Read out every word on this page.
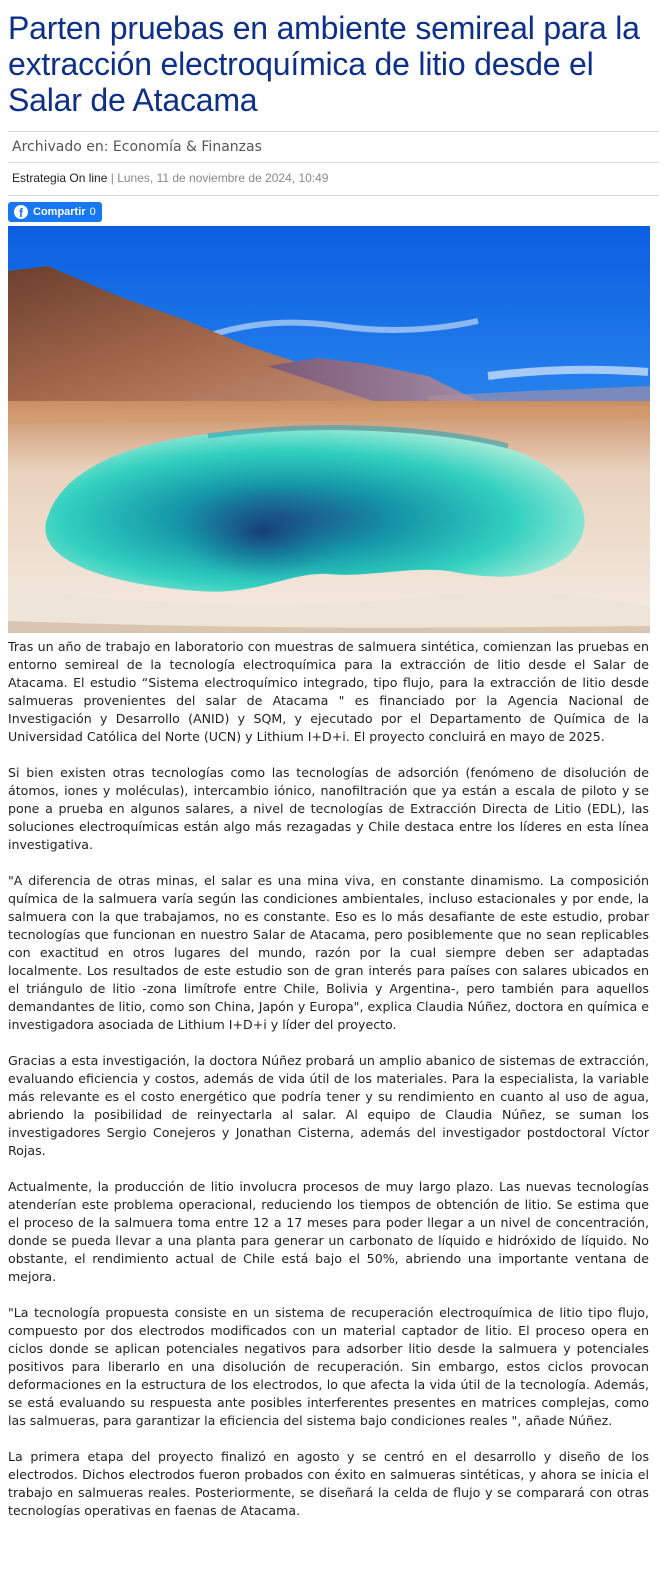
Parten pruebas en ambiente semireal para la extracción electroquímica de litio desde el Salar de Atacama
Archivado en: Economía & Finanzas
Estrategia On line | Lunes, 11 de noviembre de 2024, 10:49
f Compartir 0

Tras un año de trabajo en laboratorio con muestras de salmuera sintética, comienzan las pruebas en entorno semireal de la tecnología electroquímica para la extracción de litio desde el Salar de Atacama. El estudio “Sistema electroquímico integrado, tipo flujo, para la extracción de litio desde salmueras provenientes del salar de Atacama " es financiado por la Agencia Nacional de Investigación y Desarrollo (ANID) y SQM, y ejecutado por el Departamento de Química de la Universidad Católica del Norte (UCN) y Lithium I+D+i. El proyecto concluirá en mayo de 2025.

Si bien existen otras tecnologías como las tecnologías de adsorción (fenómeno de disolución de átomos, iones y moléculas), intercambio iónico, nanofiltración que ya están a escala de piloto y se pone a prueba en algunos salares, a nivel de tecnologías de Extracción Directa de Litio (EDL), las soluciones electroquímicas están algo más rezagadas y Chile destaca entre los líderes en esta línea investigativa.

"A diferencia de otras minas, el salar es una mina viva, en constante dinamismo. La composición química de la salmuera varía según las condiciones ambientales, incluso estacionales y por ende, la salmuera con la que trabajamos, no es constante. Eso es lo más desafiante de este estudio, probar tecnologías que funcionan en nuestro Salar de Atacama, pero posiblemente que no sean replicables con exactitud en otros lugares del mundo, razón por la cual siempre deben ser adaptadas localmente. Los resultados de este estudio son de gran interés para países con salares ubicados en el triángulo de litio -zona limítrofe entre Chile, Bolivia y Argentina-, pero también para aquellos demandantes de litio, como son China, Japón y Europa", explica Claudia Núñez, doctora en química e investigadora asociada de Lithium I+D+i y líder del proyecto.

Gracias a esta investigación, la doctora Núñez probará un amplio abanico de sistemas de extracción, evaluando eficiencia y costos, además de vida útil de los materiales. Para la especialista, la variable más relevante es el costo energético que podría tener y su rendimiento en cuanto al uso de agua, abriendo la posibilidad de reinyectarla al salar. Al equipo de Claudia Núñez, se suman los investigadores Sergio Conejeros y Jonathan Cisterna, además del investigador postdoctoral Víctor Rojas.

Actualmente, la producción de litio involucra procesos de muy largo plazo. Las nuevas tecnologías atenderían este problema operacional, reduciendo los tiempos de obtención de litio. Se estima que el proceso de la salmuera toma entre 12 a 17 meses para poder llegar a un nivel de concentración, donde se pueda llevar a una planta para generar un carbonato de líquido e hidróxido de líquido. No obstante, el rendimiento actual de Chile está bajo el 50%, abriendo una importante ventana de mejora.

"La tecnología propuesta consiste en un sistema de recuperación electroquímica de litio tipo flujo, compuesto por dos electrodos modificados con un material captador de litio. El proceso opera en ciclos donde se aplican potenciales negativos para adsorber litio desde la salmuera y potenciales positivos para liberarlo en una disolución de recuperación. Sin embargo, estos ciclos provocan deformaciones en la estructura de los electrodos, lo que afecta la vida útil de la tecnología. Además, se está evaluando su respuesta ante posibles interferentes presentes en matrices complejas, como las salmueras, para garantizar la eficiencia del sistema bajo condiciones reales ", añade Núñez.

La primera etapa del proyecto finalizó en agosto y se centró en el desarrollo y diseño de los electrodos. Dichos electrodos fueron probados con éxito en salmueras sintéticas, y ahora se inicia el trabajo en salmueras reales. Posteriormente, se diseñará la celda de flujo y se comparará con otras tecnologías operativas en faenas de Atacama.
